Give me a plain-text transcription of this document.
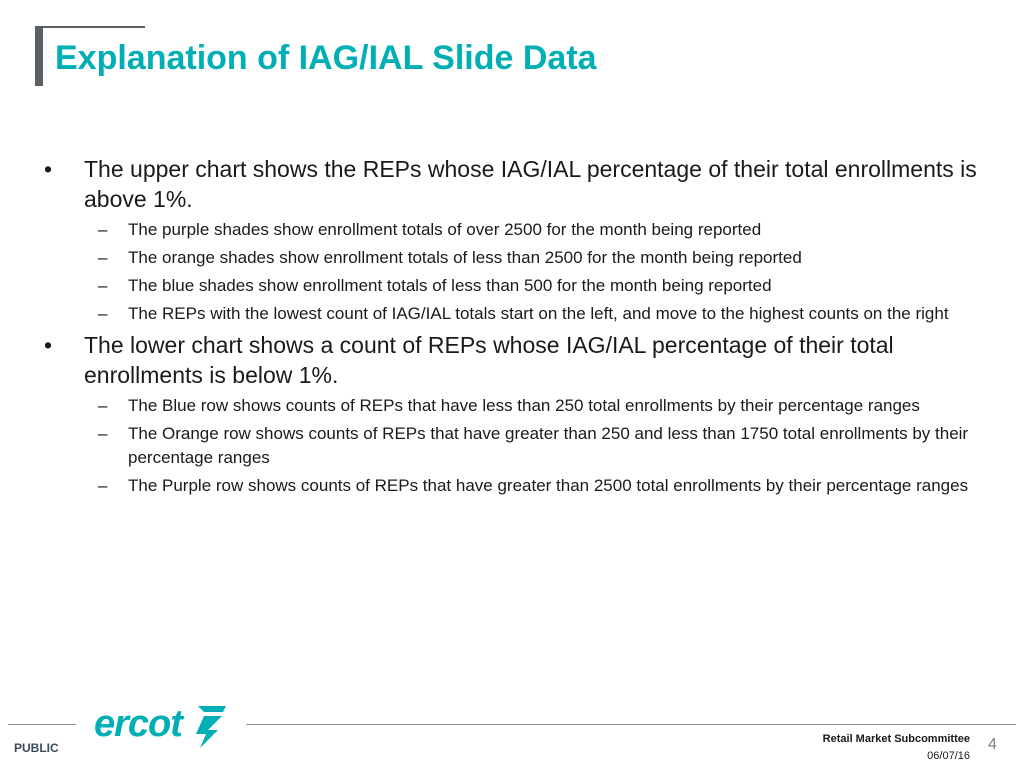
Explanation of IAG/IAL Slide Data
•	The upper chart shows the REPs whose IAG/IAL percentage of their total enrollments is above 1%.
–	The purple shades show enrollment totals of over 2500 for the month being reported
–	The orange shades show enrollment totals of less than 2500 for the month being reported
–	The blue shades show enrollment totals of less than 500 for the month being reported
–	The REPs with the lowest count of IAG/IAL totals start on the left, and move to the highest counts on the right
•	The lower chart shows a count of REPs whose IAG/IAL percentage of their total enrollments is below 1%.
–	The Blue row shows counts of REPs that have less than 250 total enrollments by their percentage ranges
–	The Orange row shows counts of REPs that have greater than 250 and less than 1750 total enrollments by their percentage ranges
–	The Purple row shows counts of REPs that have greater than 2500 total enrollments by their percentage ranges
ercot
PUBLIC
Retail Market Subcommittee
06/07/16
4
